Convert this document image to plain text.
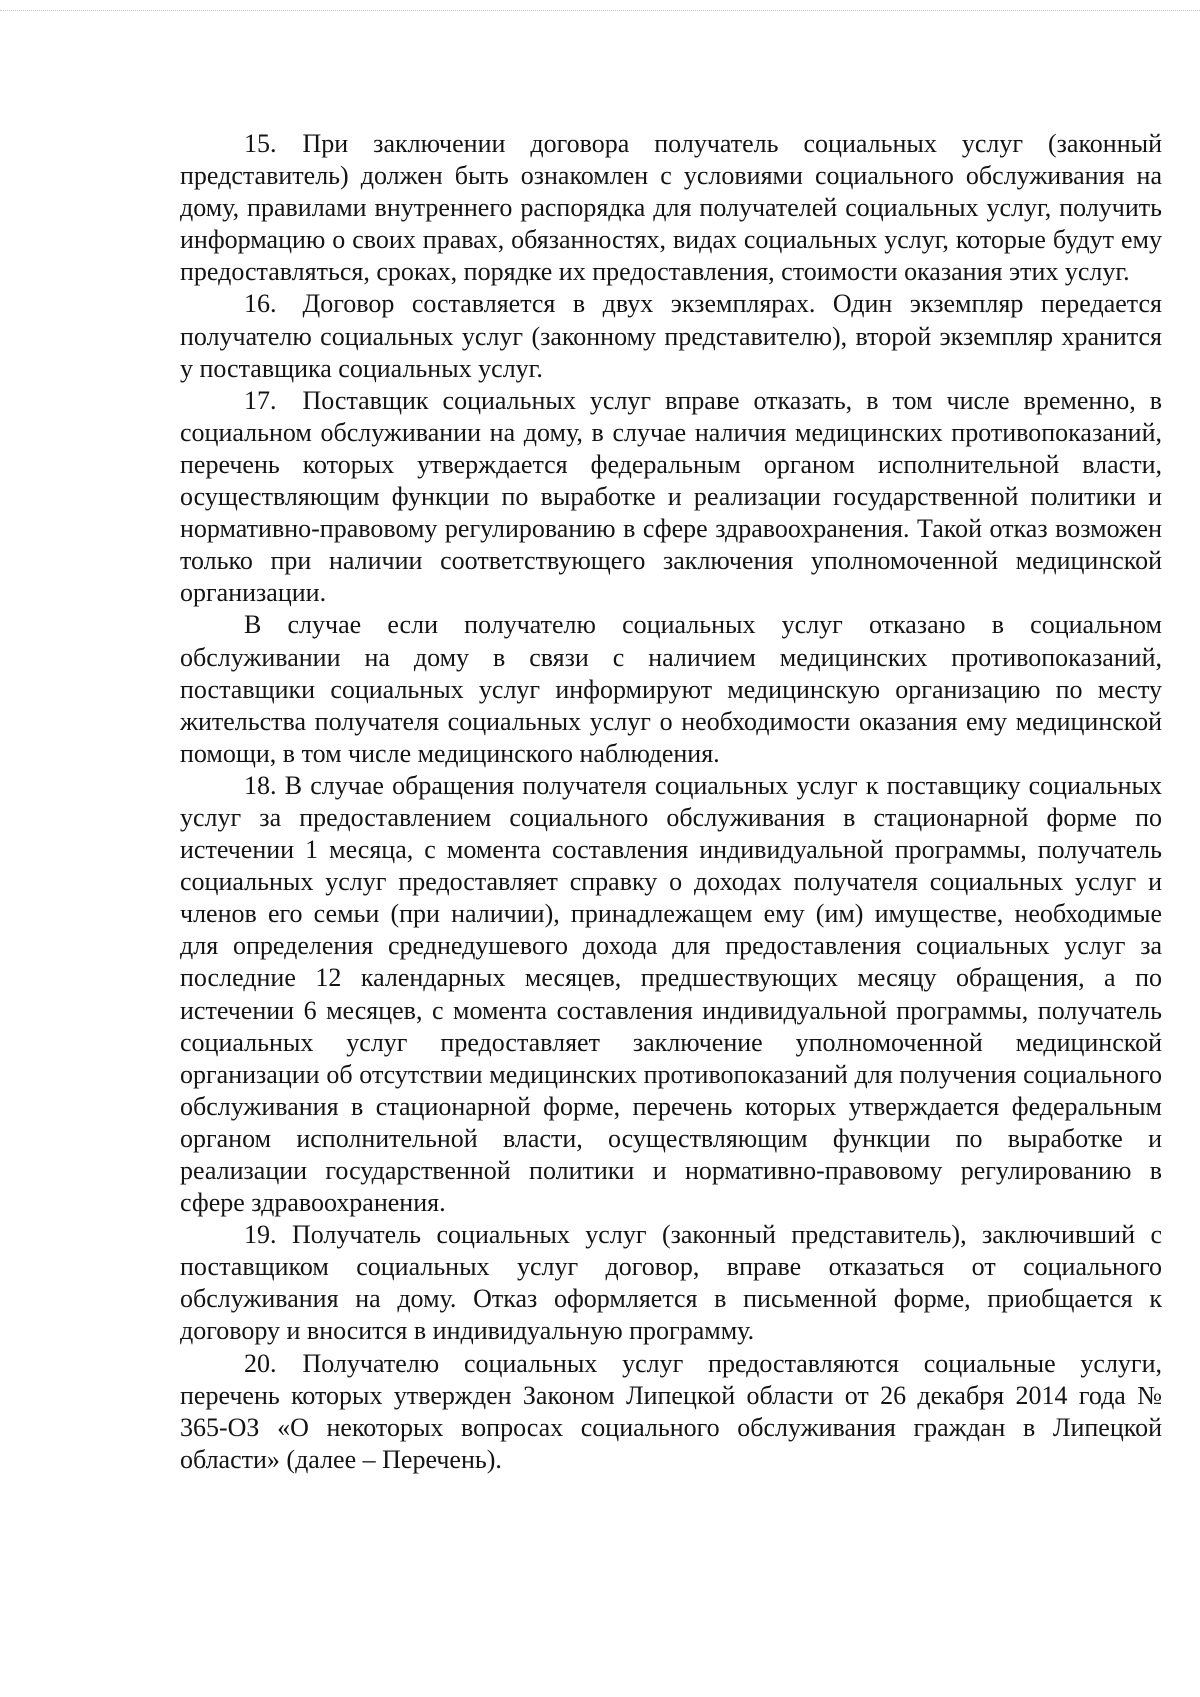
15. При заключении договора получатель социальных услуг (законный представитель) должен быть ознакомлен с условиями социального обслуживания на дому, правилами внутреннего распорядка для получателей социальных услуг, получить информацию о своих правах, обязанностях, видах социальных услуг, которые будут ему предоставляться, сроках, порядке их предоставления, стоимости оказания этих услуг.

16. Договор составляется в двух экземплярах. Один экземпляр передается получателю социальных услуг (законному представителю), второй экземпляр хранится у поставщика социальных услуг.

17. Поставщик социальных услуг вправе отказать, в том числе временно, в социальном обслуживании на дому, в случае наличия медицинских противопоказаний, перечень которых утверждается федеральным органом исполнительной власти, осуществляющим функции по выработке и реализации государственной политики и нормативно-правовому регулированию в сфере здравоохранения. Такой отказ возможен только при наличии соответствующего заключения уполномоченной медицинской организации.

В случае если получателю социальных услуг отказано в социальном обслуживании на дому в связи с наличием медицинских противопоказаний, поставщики социальных услуг информируют медицинскую организацию по месту жительства получателя социальных услуг о необходимости оказания ему медицинской помощи, в том числе медицинского наблюдения.

18. В случае обращения получателя социальных услуг к поставщику социальных услуг за предоставлением социального обслуживания в стационарной форме по истечении 1 месяца, с момента составления индивидуальной программы, получатель социальных услуг предоставляет справку о доходах получателя социальных услуг и членов его семьи (при наличии), принадлежащем ему (им) имуществе, необходимые для определения среднедушевого дохода для предоставления социальных услуг за последние 12 календарных месяцев, предшествующих месяцу обращения, а по истечении 6 месяцев, с момента составления индивидуальной программы, получатель социальных услуг предоставляет заключение уполномоченной медицинской организации об отсутствии медицинских противопоказаний для получения социального обслуживания в стационарной форме, перечень которых утверждается федеральным органом исполнительной власти, осуществляющим функции по выработке и реализации государственной политики и нормативно-правовому регулированию в сфере здравоохранения.

19. Получатель социальных услуг (законный представитель), заключивший с поставщиком социальных услуг договор, вправе отказаться от социального обслуживания на дому. Отказ оформляется в письменной форме, приобщается к договору и вносится в индивидуальную программу.

20. Получателю социальных услуг предоставляются социальные услуги, перечень которых утвержден Законом Липецкой области от 26 декабря 2014 года № 365-ОЗ «О некоторых вопросах социального обслуживания граждан в Липецкой области» (далее – Перечень).
